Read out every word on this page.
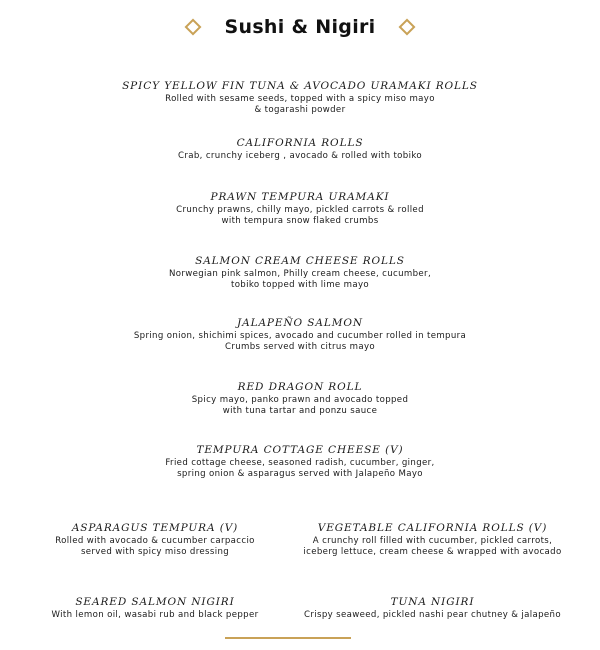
Sushi & Nigiri
SPICY YELLOW FIN TUNA & AVOCADO URAMAKI ROLLS
Rolled with sesame seeds, topped with a spicy miso mayo
& togarashi powder
CALIFORNIA ROLLS
Crab, crunchy iceberg , avocado & rolled with tobiko
PRAWN TEMPURA URAMAKI
Crunchy prawns, chilly mayo, pickled carrots & rolled
with tempura snow flaked crumbs
SALMON CREAM CHEESE ROLLS
Norwegian pink salmon, Philly cream cheese, cucumber,
tobiko topped with lime mayo
JALAPEÑO SALMON
Spring onion, shichimi spices, avocado and cucumber rolled in tempura
Crumbs served with citrus mayo
RED DRAGON ROLL
Spicy mayo, panko prawn and avocado topped
with tuna tartar and ponzu sauce
TEMPURA COTTAGE CHEESE (V)
Fried cottage cheese, seasoned radish, cucumber, ginger,
spring onion & asparagus served with Jalapeño Mayo
ASPARAGUS TEMPURA (V)
Rolled with avocado & cucumber carpaccio
served with spicy miso dressing
VEGETABLE CALIFORNIA ROLLS (V)
A crunchy roll filled with cucumber, pickled carrots,
iceberg lettuce, cream cheese & wrapped with avocado
SEARED SALMON NIGIRI
With lemon oil, wasabi rub and black pepper
TUNA NIGIRI
Crispy seaweed, pickled nashi pear chutney & jalapeño
